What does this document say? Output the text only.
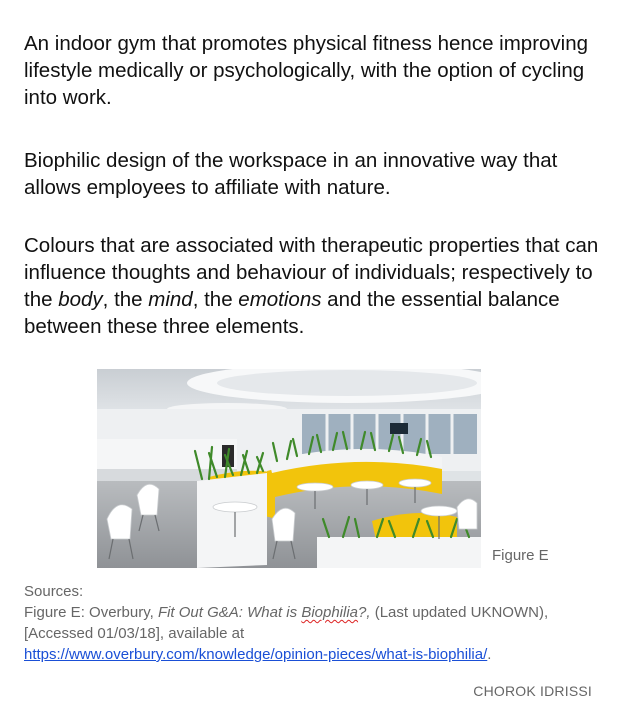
An indoor gym that promotes physical fitness hence improving lifestyle medically or psychologically, with the option of cycling into work.

Biophilic design of the workspace in an innovative way that allows employees to affiliate with nature.

Colours that are associated with therapeutic properties that can influence thoughts and behaviour of individuals; respectively to the body, the mind, the emotions and the essential balance between these three elements.

Figure E

Sources:

Figure E: Overbury, Fit Out G&A: What is Biophilia?, (Last updated UKNOWN), [Accessed 01/03/18], available at

https://www.overbury.com/knowledge/opinion-pieces/what-is-biophilia/.

CHOROK IDRISSI
